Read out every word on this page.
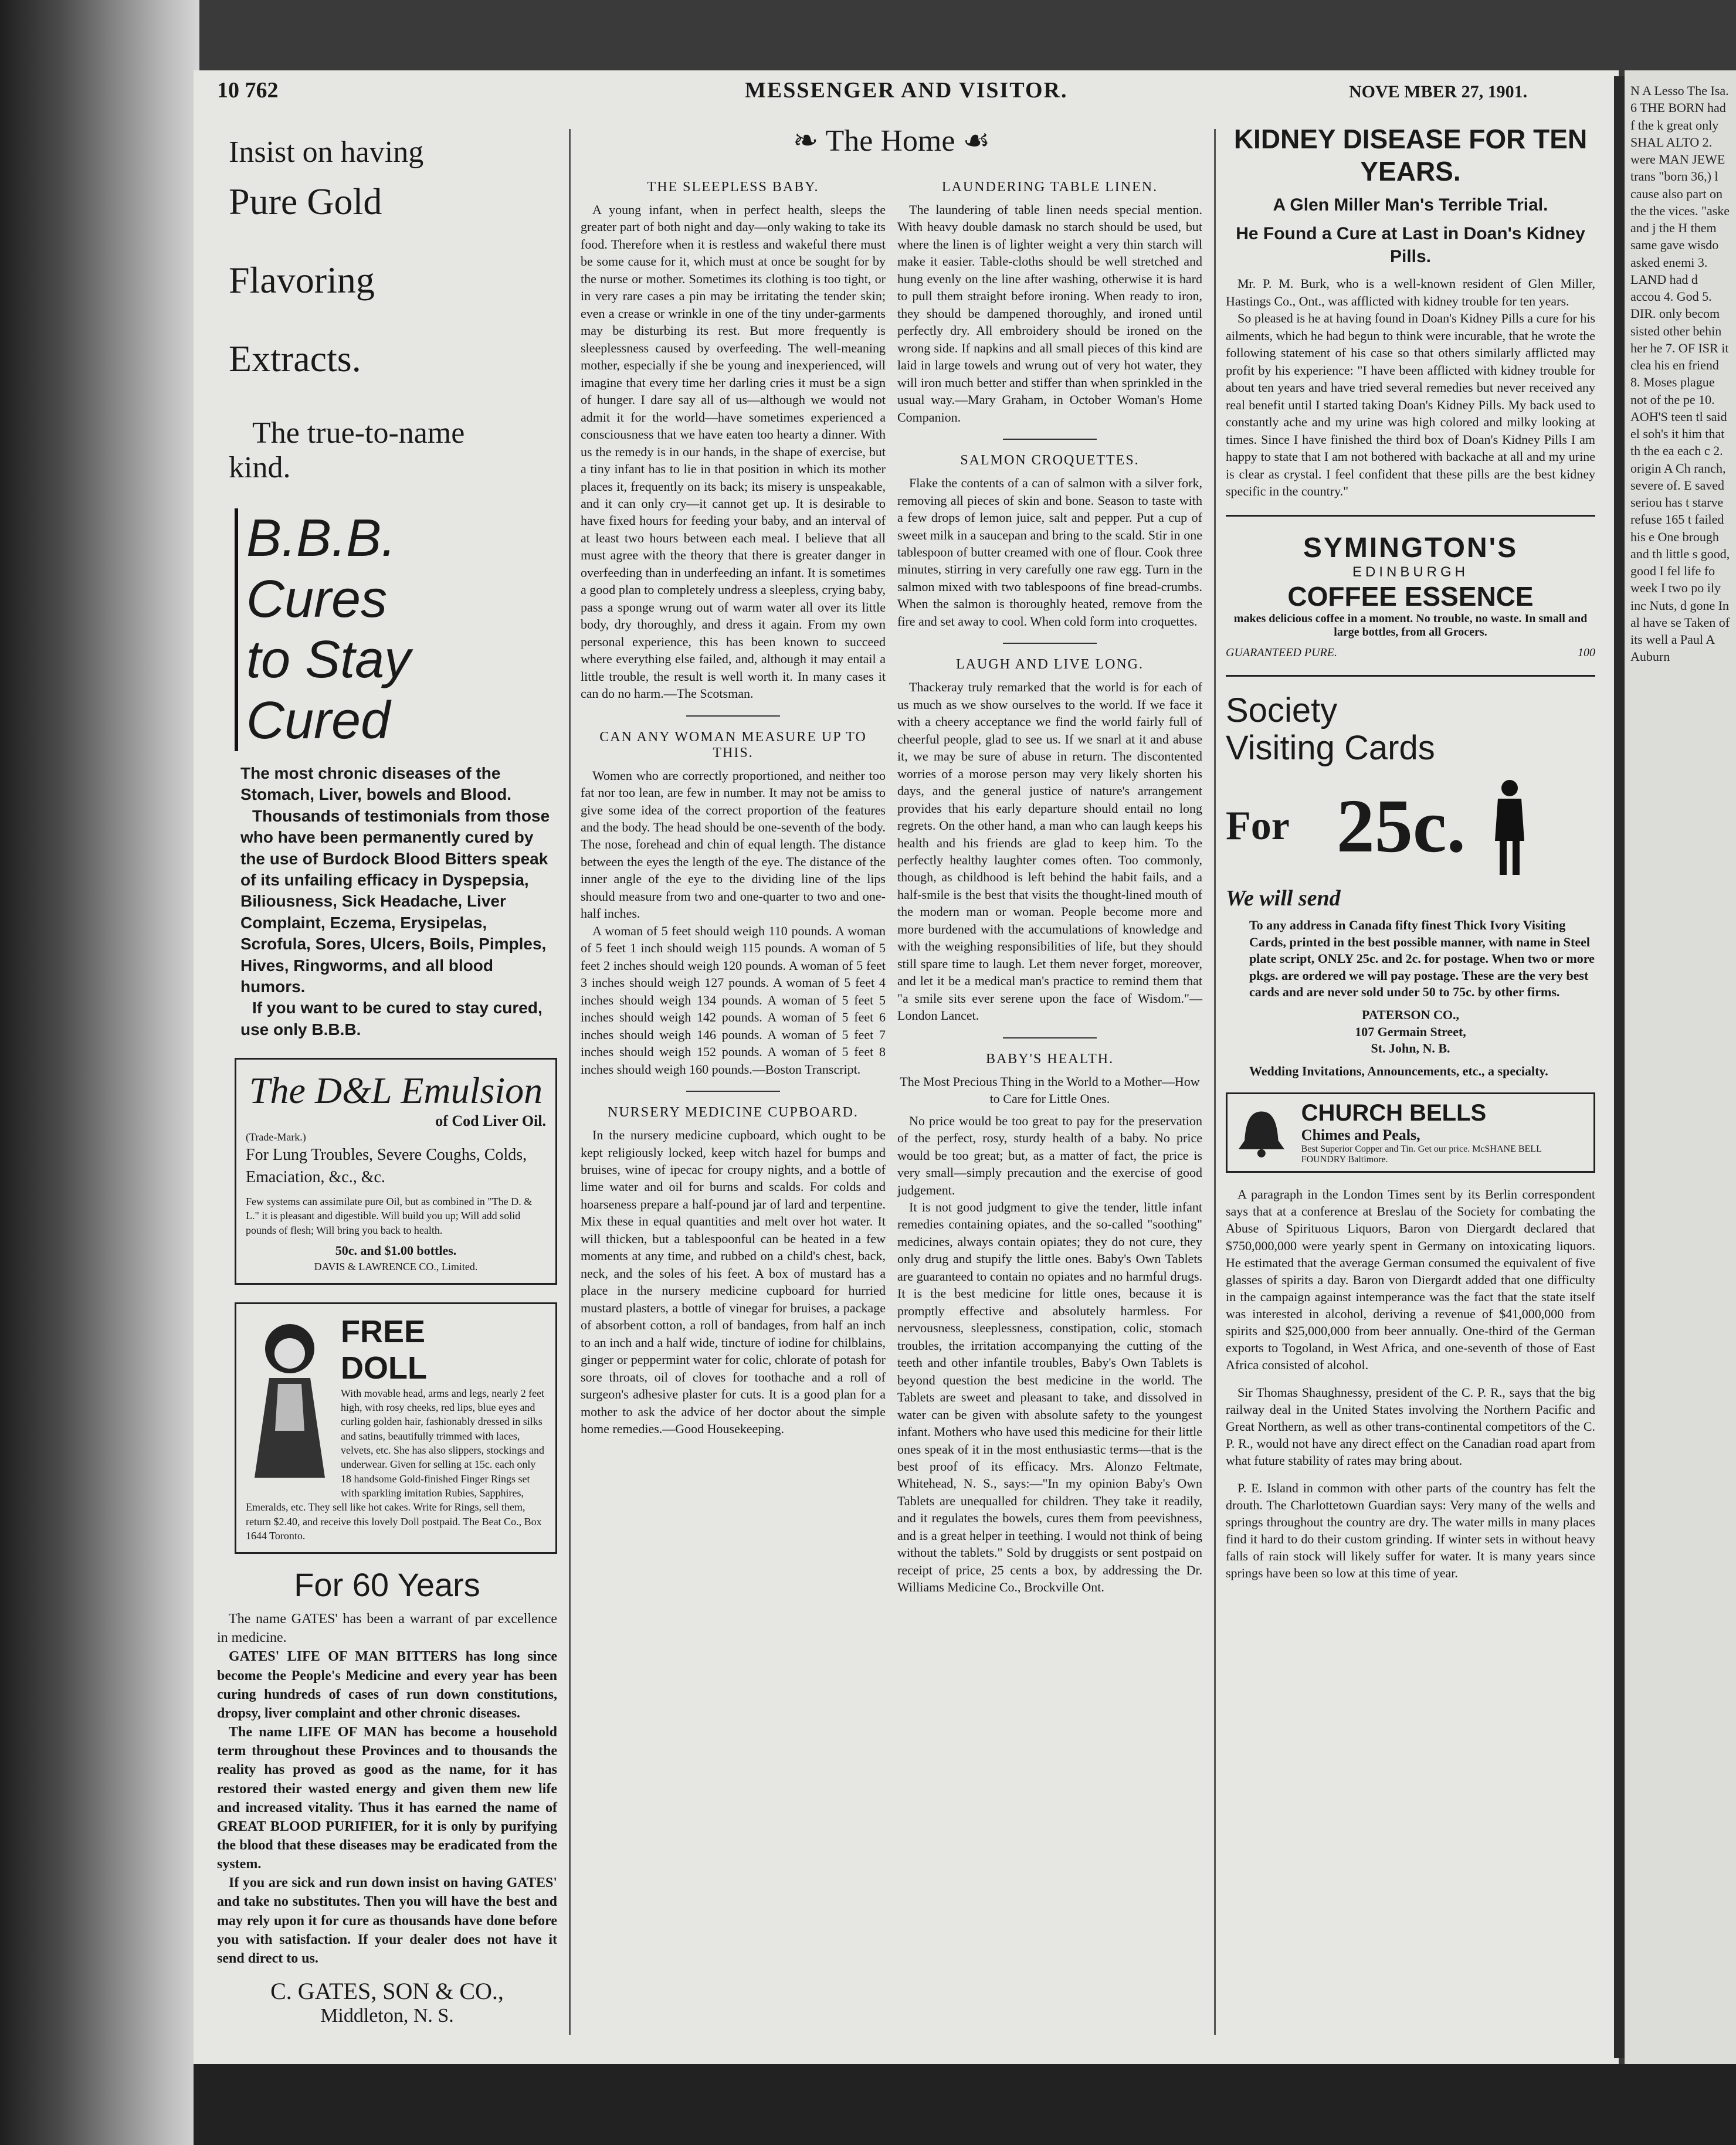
10 762	MESSENGER AND VISITOR.	NOVE MBER 27, 1901.
Insist on having
Pure Gold
Flavoring
Extracts.
The true-to-name
kind.
B.B.B.
Cures
to Stay
Cured
The most chronic diseases of the Stomach, Liver, bowels and Blood.
Thousands of testimonials from those who have been permanently cured by the use of Burdock Blood Bitters speak of its unfailing efficacy in Dyspepsia, Biliousness, Sick Headache, Liver Complaint, Eczema, Erysipelas, Scrofula, Sores, Ulcers, Boils, Pimples, Hives, Ringworms, and all blood humors.
If you want to be cured to stay cured, use only B.B.B.
The D&L Emulsion
of Cod Liver Oil.
(Trade-Mark.)
For Lung Troubles, Severe Coughs, Colds, Emaciation, &c., &c.
Few systems can assimilate pure Oil, but as combined in "The D. & L." it is pleasant and digestible. Will build you up; Will add solid pounds of flesh; Will bring you back to health.
50c. and $1.00 bottles.
DAVIS & LAWRENCE CO., Limited.
FREE
DOLL
With movable head, arms and legs, nearly 2 feet high, with rosy cheeks, red lips, blue eyes and curling golden hair, fashionably dressed in silks and satins, beautifully trimmed with laces, velvets, etc. She has also slippers, stockings and underwear. Given for selling at 15c. each only 18 handsome Gold-finished Finger Rings set with sparkling imitation Rubies, Sapphires, Emeralds, etc. They sell like hot cakes. Write for Rings, sell them, return $2.40, and receive this lovely Doll postpaid. The Beat Co., Box 1644 Toronto.
For 60 Years
The name GATES' has been a warrant of par excellence in medicine.
GATES' LIFE OF MAN BITTERS has long since become the People's Medicine and every year has been curing hundreds of cases of run down constitutions, dropsy, liver complaint and other chronic diseases.
The name LIFE OF MAN has become a household term throughout these Provinces and to thousands the reality has proved as good as the name, for it has restored their wasted energy and given them new life and increased vitality. Thus it has earned the name of GREAT BLOOD PURIFIER, for it is only by purifying the blood that these diseases may be eradicated from the system.
If you are sick and run down insist on having GATES' and take no substitutes. Then you will have the best and may rely upon it for cure as thousands have done before you with satisfaction. If your dealer does not have it send direct to us.
C. GATES, SON & CO.,
Middleton, N. S.
❧ The Home ☙
THE SLEEPLESS BABY.
A young infant, when in perfect health, sleeps the greater part of both night and day—only waking to take its food. Therefore when it is restless and wakeful there must be some cause for it, which must at once be sought for by the nurse or mother. Sometimes its clothing is too tight, or in very rare cases a pin may be irritating the tender skin; even a crease or wrinkle in one of the tiny under-garments may be disturbing its rest. But more frequently is sleeplessness caused by overfeeding. The well-meaning mother, especially if she be young and inexperienced, will imagine that every time her darling cries it must be a sign of hunger. I dare say all of us—although we would not admit it for the world—have sometimes experienced a consciousness that we have eaten too hearty a dinner. With us the remedy is in our hands, in the shape of exercise, but a tiny infant has to lie in that position in which its mother places it, frequently on its back; its misery is unspeakable, and it can only cry—it cannot get up. It is desirable to have fixed hours for feeding your baby, and an interval of at least two hours between each meal. I believe that all must agree with the theory that there is greater danger in overfeeding than in underfeeding an infant. It is sometimes a good plan to completely undress a sleepless, crying baby, pass a sponge wrung out of warm water all over its little body, dry thoroughly, and dress it again. From my own personal experience, this has been known to succeed where everything else failed, and, although it may entail a little trouble, the result is well worth it. In many cases it can do no harm.—The Scotsman.
CAN ANY WOMAN MEASURE UP TO THIS.
Women who are correctly proportioned, and neither too fat nor too lean, are few in number. It may not be amiss to give some idea of the correct proportion of the features and the body. The head should be one-seventh of the body. The nose, forehead and chin of equal length. The distance between the eyes the length of the eye. The distance of the inner angle of the eye to the dividing line of the lips should measure from two and one-quarter to two and one-half inches.
A woman of 5 feet should weigh 110 pounds. A woman of 5 feet 1 inch should weigh 115 pounds. A woman of 5 feet 2 inches should weigh 120 pounds. A woman of 5 feet 3 inches should weigh 127 pounds. A woman of 5 feet 4 inches should weigh 134 pounds. A woman of 5 feet 5 inches should weigh 142 pounds. A woman of 5 feet 6 inches should weigh 146 pounds. A woman of 5 feet 7 inches should weigh 152 pounds. A woman of 5 feet 8 inches should weigh 160 pounds.—Boston Transcript.
NURSERY MEDICINE CUPBOARD.
In the nursery medicine cupboard, which ought to be kept religiously locked, keep witch hazel for bumps and bruises, wine of ipecac for croupy nights, and a bottle of lime water and oil for burns and scalds. For colds and hoarseness prepare a half-pound jar of lard and terpentine. Mix these in equal quantities and melt over hot water. It will thicken, but a tablespoonful can be heated in a few moments at any time, and rubbed on a child's chest, back, neck, and the soles of his feet. A box of mustard has a place in the nursery medicine cupboard for hurried mustard plasters, a bottle of vinegar for bruises, a package of absorbent cotton, a roll of bandages, from half an inch to an inch and a half wide, tincture of iodine for chilblains, ginger or peppermint water for colic, chlorate of potash for sore throats, oil of cloves for toothache and a roll of surgeon's adhesive plaster for cuts. It is a good plan for a mother to ask the advice of her doctor about the simple home remedies.—Good Housekeeping.
LAUNDERING TABLE LINEN.
The laundering of table linen needs special mention. With heavy double damask no starch should be used, but where the linen is of lighter weight a very thin starch will make it easier. Table-cloths should be well stretched and hung evenly on the line after washing, otherwise it is hard to pull them straight before ironing. When ready to iron, they should be dampened thoroughly, and ironed until perfectly dry. All embroidery should be ironed on the wrong side. If napkins and all small pieces of this kind are laid in large towels and wrung out of very hot water, they will iron much better and stiffer than when sprinkled in the usual way.—Mary Graham, in October Woman's Home Companion.
SALMON CROQUETTES.
Flake the contents of a can of salmon with a silver fork, removing all pieces of skin and bone. Season to taste with a few drops of lemon juice, salt and pepper. Put a cup of sweet milk in a saucepan and bring to the scald. Stir in one tablespoon of butter creamed with one of flour. Cook three minutes, stirring in very carefully one raw egg. Turn in the salmon mixed with two tablespoons of fine bread-crumbs. When the salmon is thoroughly heated, remove from the fire and set away to cool. When cold form into croquettes.
LAUGH AND LIVE LONG.
Thackeray truly remarked that the world is for each of us much as we show ourselves to the world. If we face it with a cheery acceptance we find the world fairly full of cheerful people, glad to see us. If we snarl at it and abuse it, we may be sure of abuse in return. The discontented worries of a morose person may very likely shorten his days, and the general justice of nature's arrangement provides that his early departure should entail no long regrets. On the other hand, a man who can laugh keeps his health and his friends are glad to keep him. To the perfectly healthy laughter comes often. Too commonly, though, as childhood is left behind the habit fails, and a half-smile is the best that visits the thought-lined mouth of the modern man or woman. People become more and more burdened with the accumulations of knowledge and with the weighing responsibilities of life, but they should still spare time to laugh. Let them never forget, moreover, and let it be a medical man's practice to remind them that "a smile sits ever serene upon the face of Wisdom."—London Lancet.
BABY'S HEALTH.
The Most Precious Thing in the World to a Mother—How to Care for Little Ones.
No price would be too great to pay for the preservation of the perfect, rosy, sturdy health of a baby. No price would be too great; but, as a matter of fact, the price is very small—simply precaution and the exercise of good judgement.
It is not good judgment to give the tender, little infant remedies containing opiates, and the so-called "soothing" medicines, always contain opiates; they do not cure, they only drug and stupify the little ones. Baby's Own Tablets are guaranteed to contain no opiates and no harmful drugs. It is the best medicine for little ones, because it is promptly effective and absolutely harmless. For nervousness, sleeplessness, constipation, colic, stomach troubles, the irritation accompanying the cutting of the teeth and other infantile troubles, Baby's Own Tablets is beyond question the best medicine in the world. The Tablets are sweet and pleasant to take, and dissolved in water can be given with absolute safety to the youngest infant. Mothers who have used this medicine for their little ones speak of it in the most enthusiastic terms—that is the best proof of its efficacy. Mrs. Alonzo Feltmate, Whitehead, N. S., says:—"In my opinion Baby's Own Tablets are unequalled for children. They take it readily, and it regulates the bowels, cures them from peevishness, and is a great helper in teething. I would not think of being without the tablets." Sold by druggists or sent postpaid on receipt of price, 25 cents a box, by addressing the Dr. Williams Medicine Co., Brockville Ont.
KIDNEY DISEASE FOR TEN YEARS.
A Glen Miller Man's Terrible Trial.
He Found a Cure at Last in Doan's Kidney Pills.
Mr. P. M. Burk, who is a well-known resident of Glen Miller, Hastings Co., Ont., was afflicted with kidney trouble for ten years.
So pleased is he at having found in Doan's Kidney Pills a cure for his ailments, which he had begun to think were incurable, that he wrote the following statement of his case so that others similarly afflicted may profit by his experience: "I have been afflicted with kidney trouble for about ten years and have tried several remedies but never received any real benefit until I started taking Doan's Kidney Pills. My back used to constantly ache and my urine was high colored and milky looking at times. Since I have finished the third box of Doan's Kidney Pills I am happy to state that I am not bothered with backache at all and my urine is clear as crystal. I feel confident that these pills are the best kidney specific in the country."
SYMINGTON'S
EDINBURGH
COFFEE ESSENCE
makes delicious coffee in a moment. No trouble, no waste. In small and large bottles, from all Grocers.
GUARANTEED PURE.	100
Society
Visiting Cards
For 25c.
We will send
To any address in Canada fifty finest Thick Ivory Visiting Cards, printed in the best possible manner, with name in Steel plate script, ONLY 25c. and 2c. for postage. When two or more pkgs. are ordered we will pay postage. These are the very best cards and are never sold under 50 to 75c. by other firms.
PATERSON CO.,
107 Germain Street,
St. John, N. B.
Wedding Invitations, Announcements, etc., a specialty.
CHURCH BELLS
Chimes and Peals,
Best Superior Copper and Tin. Get our price. McSHANE BELL FOUNDRY Baltimore.
A paragraph in the London Times sent by its Berlin correspondent says that at a conference at Breslau of the Society for combating the Abuse of Spirituous Liquors, Baron von Diergardt declared that $750,000,000 were yearly spent in Germany on intoxicating liquors. He estimated that the average German consumed the equivalent of five glasses of spirits a day. Baron von Diergardt added that one difficulty in the campaign against intemperance was the fact that the state itself was interested in alcohol, deriving a revenue of $41,000,000 from spirits and $25,000,000 from beer annually. One-third of the German exports to Togoland, in West Africa, and one-seventh of those of East Africa consisted of alcohol.
Sir Thomas Shaughnessy, president of the C. P. R., says that the big railway deal in the United States involving the Northern Pacific and Great Northern, as well as other trans-continental competitors of the C. P. R., would not have any direct effect on the Canadian road apart from what future stability of rates may bring about.
P. E. Island in common with other parts of the country has felt the drouth. The Charlottetown Guardian says: Very many of the wells and springs throughout the country are dry. The water mills in many places find it hard to do their custom grinding. If winter sets in without heavy falls of rain stock will likely suffer for water. It is many years since springs have been so low at this time of year.
N A Lesso The Isa. 6 THE BORN had f the k great only SHAL ALTO 2. were MAN JEWE trans "born 36,) l cause also part on the the vices. "aske and j the H them same gave wisdo asked enemi 3. LAND had d accou 4. God 5. DIR. only becom sisted other behin her he 7. OF ISR it clea his en friend 8. Moses plague not of the pe 10. AOH'S teen tl said el soh's it him that th the ea each c 2. origin A Ch ranch, severe of. E saved seriou has t starve refuse 165 t failed his e One brough and th little s good, good I fel life fo week I two po ily inc Nuts, d gone In al have se Taken of its well a Paul A Auburn
